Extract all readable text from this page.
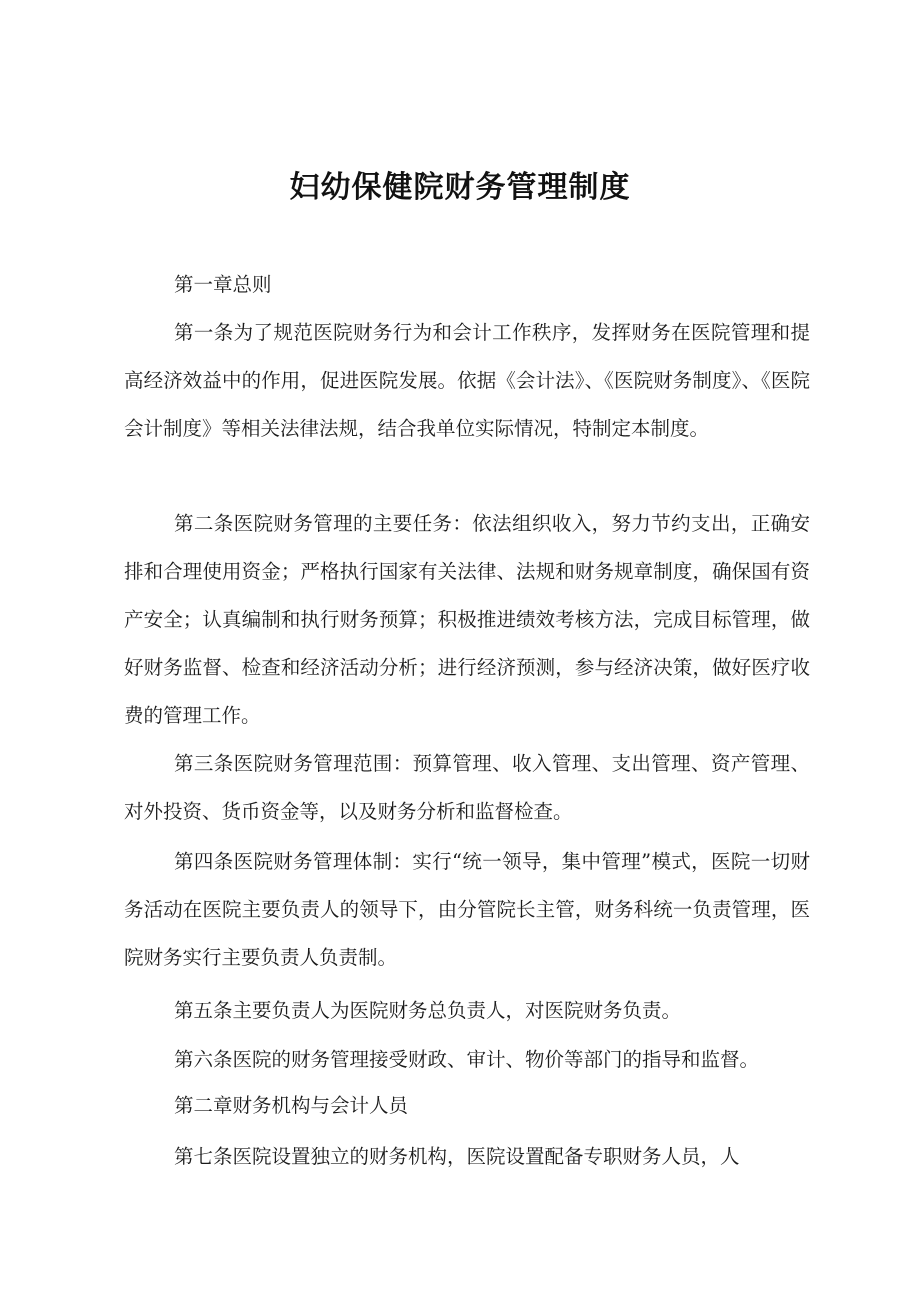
妇幼保健院财务管理制度

第一章总则

第一条为了规范医院财务行为和会计工作秩序，发挥财务在医院管理和提高经济效益中的作用，促进医院发展。依据《会计法》、《医院财务制度》、《医院会计制度》等相关法律法规，结合我单位实际情况，特制定本制度。

第二条医院财务管理的主要任务：依法组织收入，努力节约支出，正确安排和合理使用资金；严格执行国家有关法律、法规和财务规章制度，确保国有资产安全；认真编制和执行财务预算；积极推进绩效考核方法，完成目标管理，做好财务监督、检查和经济活动分析；进行经济预测，参与经济决策，做好医疗收费的管理工作。

第三条医院财务管理范围：预算管理、收入管理、支出管理、资产管理、对外投资、货币资金等，以及财务分析和监督检查。

第四条医院财务管理体制：实行“统一领导，集中管理”模式，医院一切财务活动在医院主要负责人的领导下，由分管院长主管，财务科统一负责管理，医院财务实行主要负责人负责制。

第五条主要负责人为医院财务总负责人，对医院财务负责。

第六条医院的财务管理接受财政、审计、物价等部门的指导和监督。

第二章财务机构与会计人员

第七条医院设置独立的财务机构，医院设置配备专职财务人员，人
